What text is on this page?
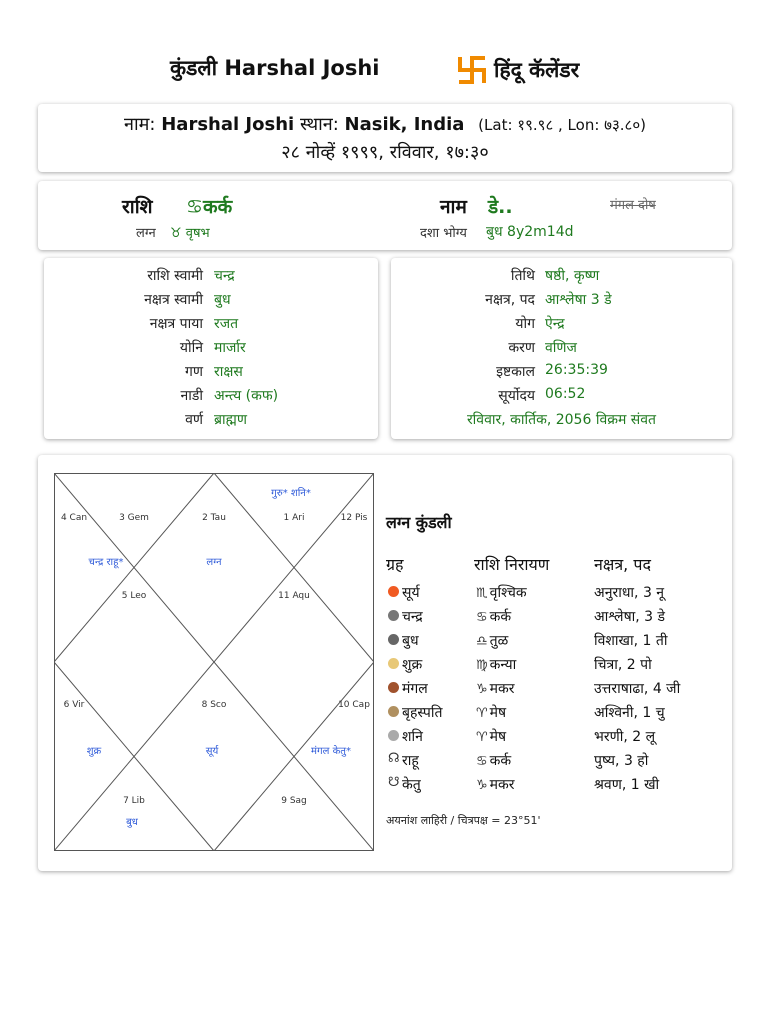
कुंडली Harshal Joshi	हिंदू कॅलेंडर
नाम: Harshal Joshi स्थान: Nasik, India (Lat: १९.९८ , Lon: ७३.८०)
२८ नोव्हें १९९९, रविवार, १७:३०
राशि ♋कर्क	नाम डे..	मंगल दोष
लग्न ♉ वृषभ	दशा भोग्य बुध 8y2m14d
राशि स्वामी चन्द्र
नक्षत्र स्वामी बुध
नक्षत्र पाया रजत
योनि मार्जार
गण राक्षस
नाडी अन्त्य (कफ)
वर्ण ब्राह्मण
तिथि षष्ठी, कृष्ण
नक्षत्र, पद आश्लेषा 3 डे
योग ऐन्द्र
करण वणिज
इष्टकाल 26:35:39
सूर्योदय 06:52
रविवार, कार्तिक, 2056 विक्रम संवत
1 Ari
2 Tau
3 Gem
4 Can
5 Leo
6 Vir
7 Lib
8 Sco
9 Sag
10 Cap
11 Aqu
12 Pis
लग्न
चन्द्र राहू*
शुक्र	सूर्य
बुध
मंगल केतु*
गुरु* शनि*
लग्न कुंडली
ग्रह	राशि निरायण	नक्षत्र, पद
सूर्य	♏ वृश्चिक	अनुराधा, 3 नू
चन्द्र	♋ कर्क	आश्लेषा, 3 डे
बुध	♎ तुळ	विशाखा, 1 ती
शुक्र	♍ कन्या	चित्रा, 2 पो
मंगल	♑ मकर	उत्तराषाढा, 4 जी
बृहस्पति	♈ मेष	अश्विनी, 1 चु
शनि	♈ मेष	भरणी, 2 लू
☊ राहू	♋ कर्क	पुष्य, 3 हो
☋ केतु	♑ मकर	श्रवण, 1 खी
अयनांश लाहिरी / चित्रपक्ष = 23°51'
